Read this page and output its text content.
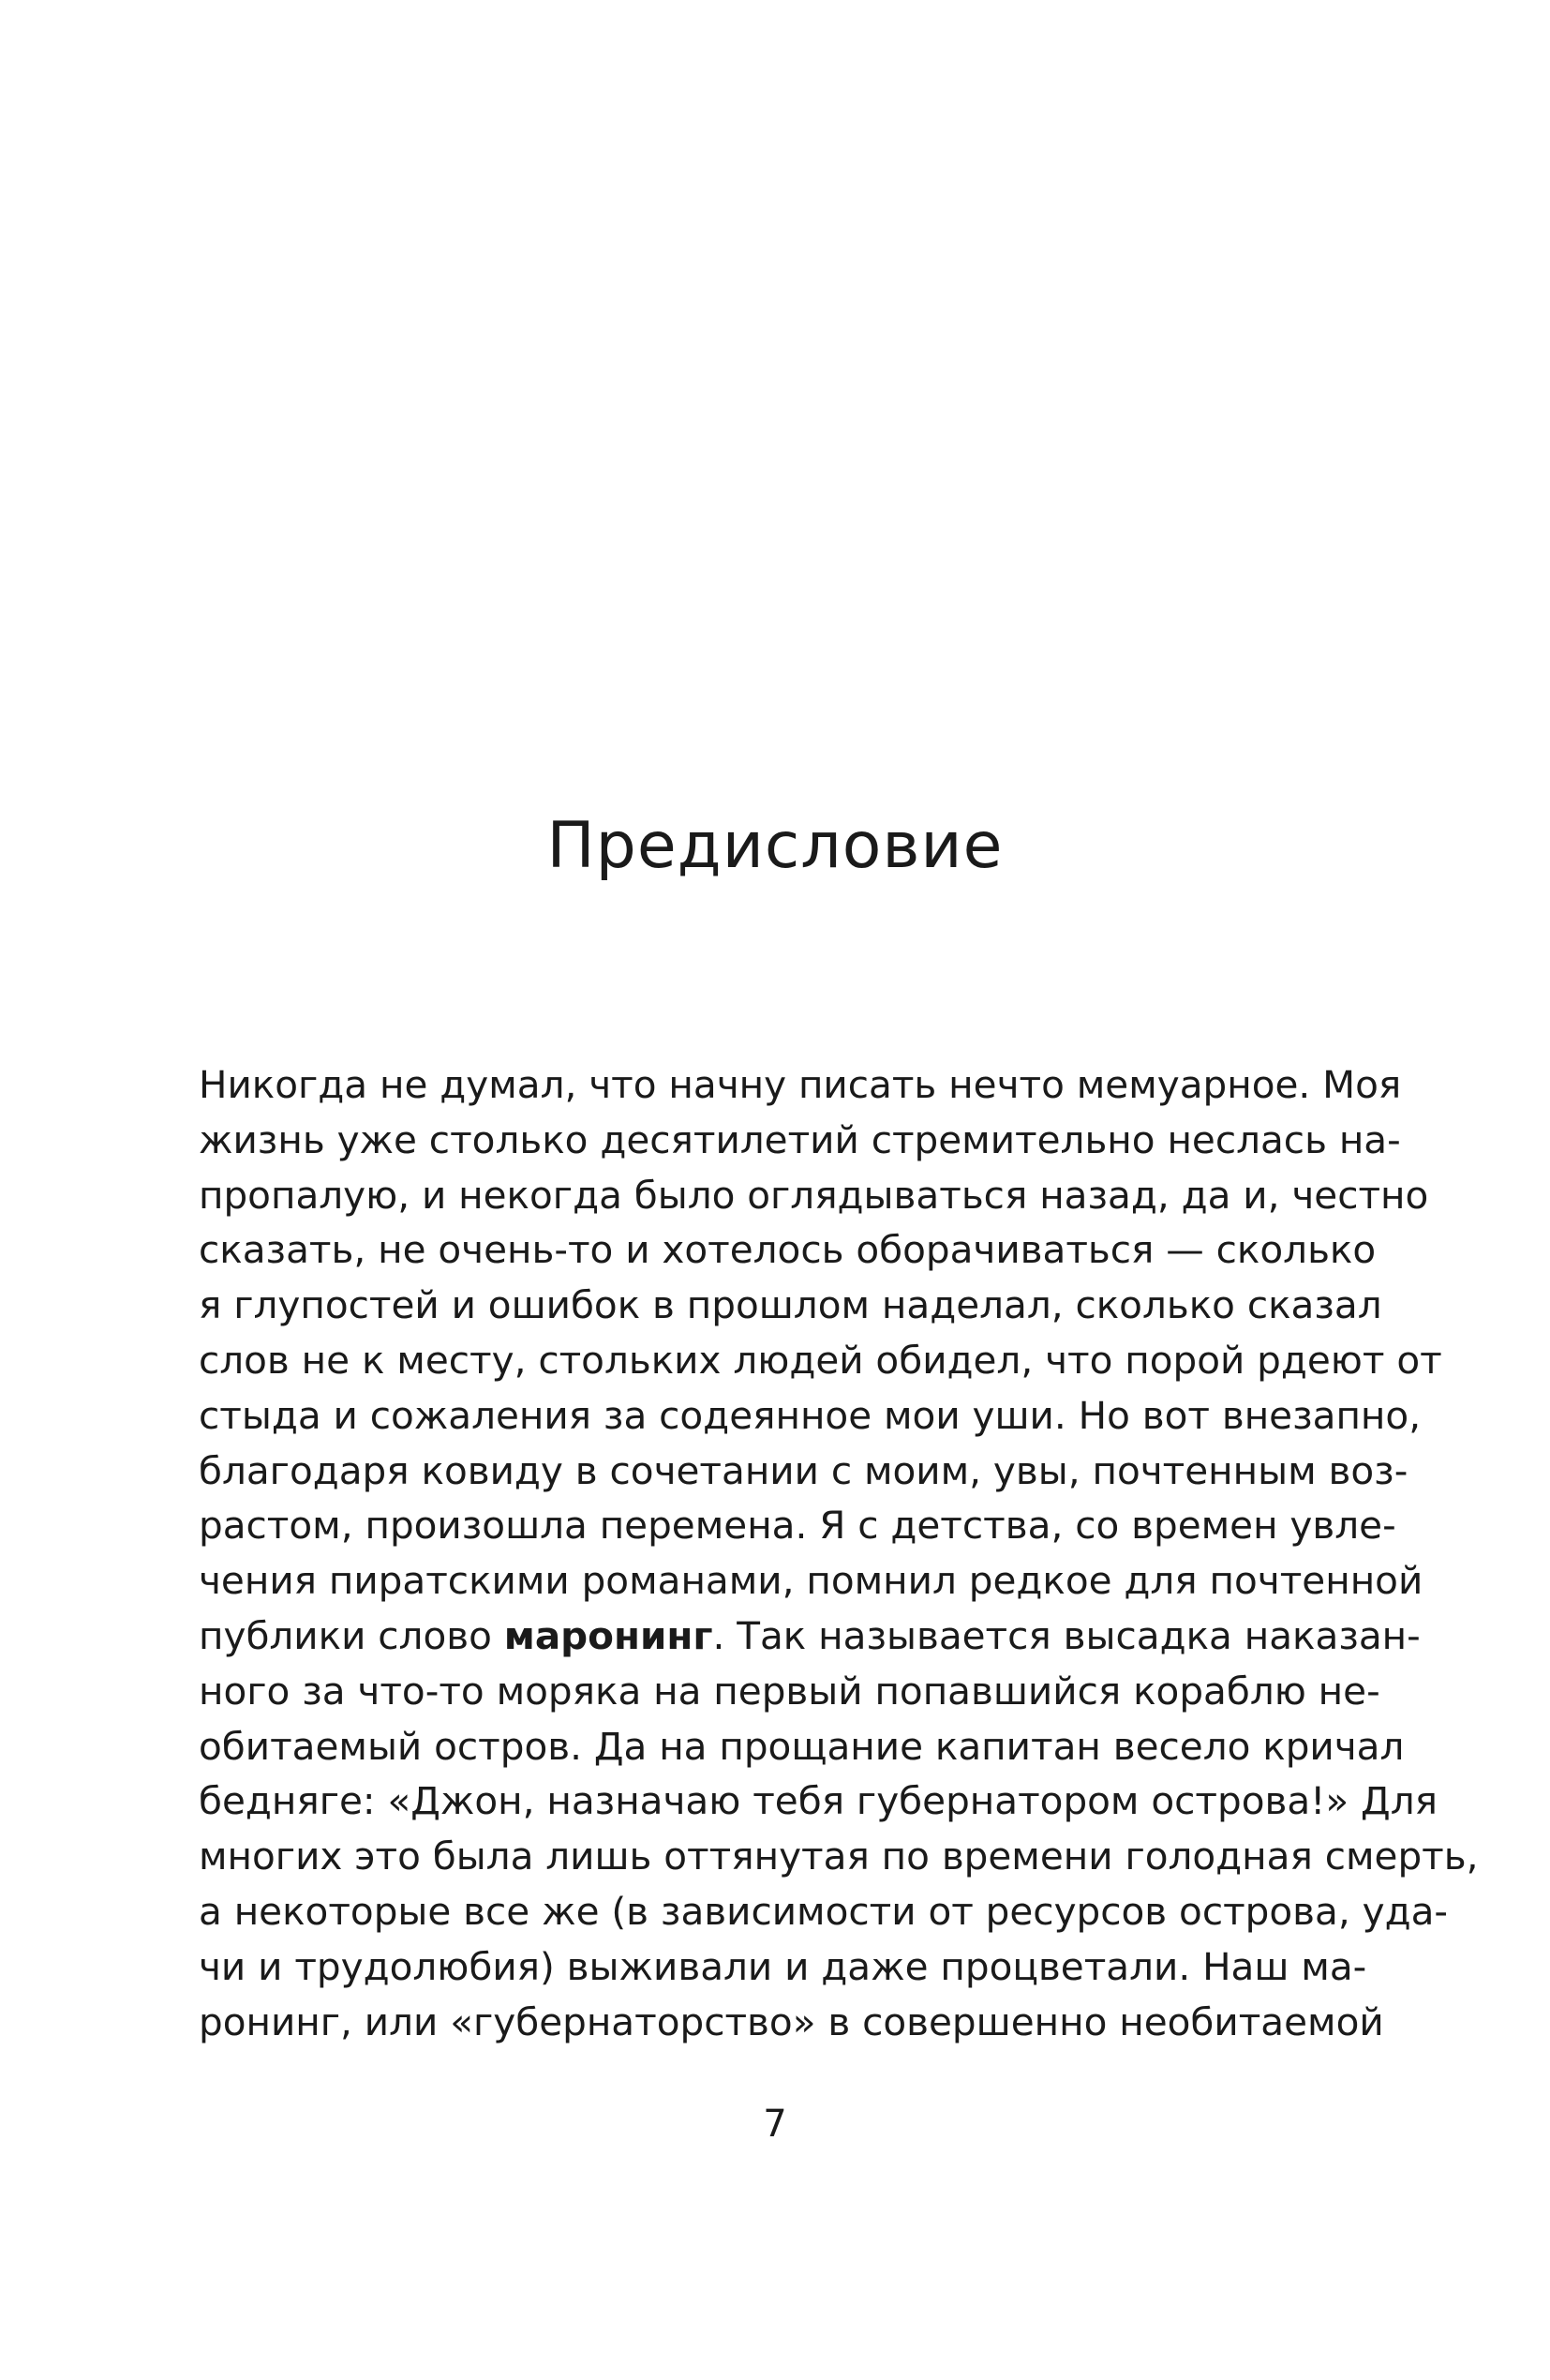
Предисловие
Никогда не думал, что начну писать нечто мемуарное. Моя
жизнь уже столько десятилетий стремительно неслась на-
пропалую, и некогда было оглядываться назад, да и, честно
сказать, не очень-то и хотелось оборачиваться — сколько
я глупостей и ошибок в прошлом наделал, сколько сказал
слов не к месту, стольких людей обидел, что порой рдеют от
стыда и сожаления за содеянное мои уши. Но вот внезапно,
благодаря ковиду в сочетании с моим, увы, почтенным воз-
растом, произошла перемена. Я с детства, со времен увле-
чения пиратскими романами, помнил редкое для почтенной
публики слово маронинг. Так называется высадка наказан-
ного за что-то моряка на первый попавшийся кораблю не-
обитаемый остров. Да на прощание капитан весело кричал
бедняге: «Джон, назначаю тебя губернатором острова!» Для
многих это была лишь оттянутая по времени голодная смерть,
а некоторые все же (в зависимости от ресурсов острова, уда-
чи и трудолюбия) выживали и даже процветали. Наш ма-
ронинг, или «губернаторство» в совершенно необитаемой
7
